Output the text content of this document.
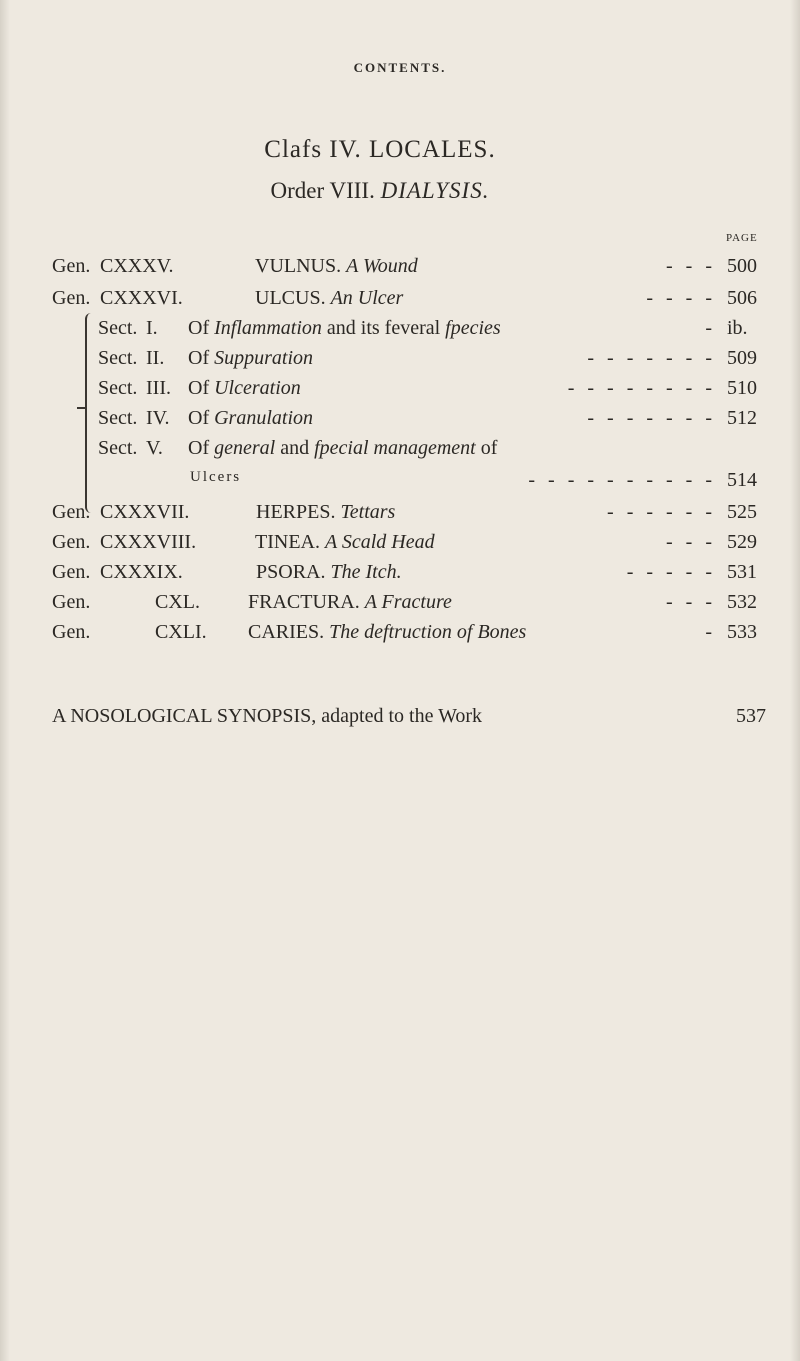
CONTENTS.
Clafs IV. LOCALES.
Order VIII. DIALYSIS.
PAGE
Gen. CXXXV.	VULNUS. A Wound	- - - 500
Gen. CXXXVI.	ULCUS. An Ulcer	- - - - 506
Sect. I. Of Inflammation and its feveral fpecies	- ib.
Sect. II. Of Suppuration	- - - - - - - 509
Sect. III. Of Ulceration	- - - - - - - - 510
Sect. IV. Of Granulation	- - - - - - - 512
Sect. V. Of general and fpecial management of
Ulcers	- - - - - - - - - - 514
Gen. CXXXVII.	HERPES. Tettars	- - - - - - 525
Gen. CXXXVIII.	TINEA. A Scald Head	- - - 529
Gen. CXXXIX.	PSORA. The Itch.	- - - - - 531
Gen.	CXL. FRACTURA. A Fracture	- - - 532
Gen.	CXLI. CARIES. The deftruction of Bones	- 533
A NOSOLOGICAL SYNOPSIS, adapted to the Work	537
